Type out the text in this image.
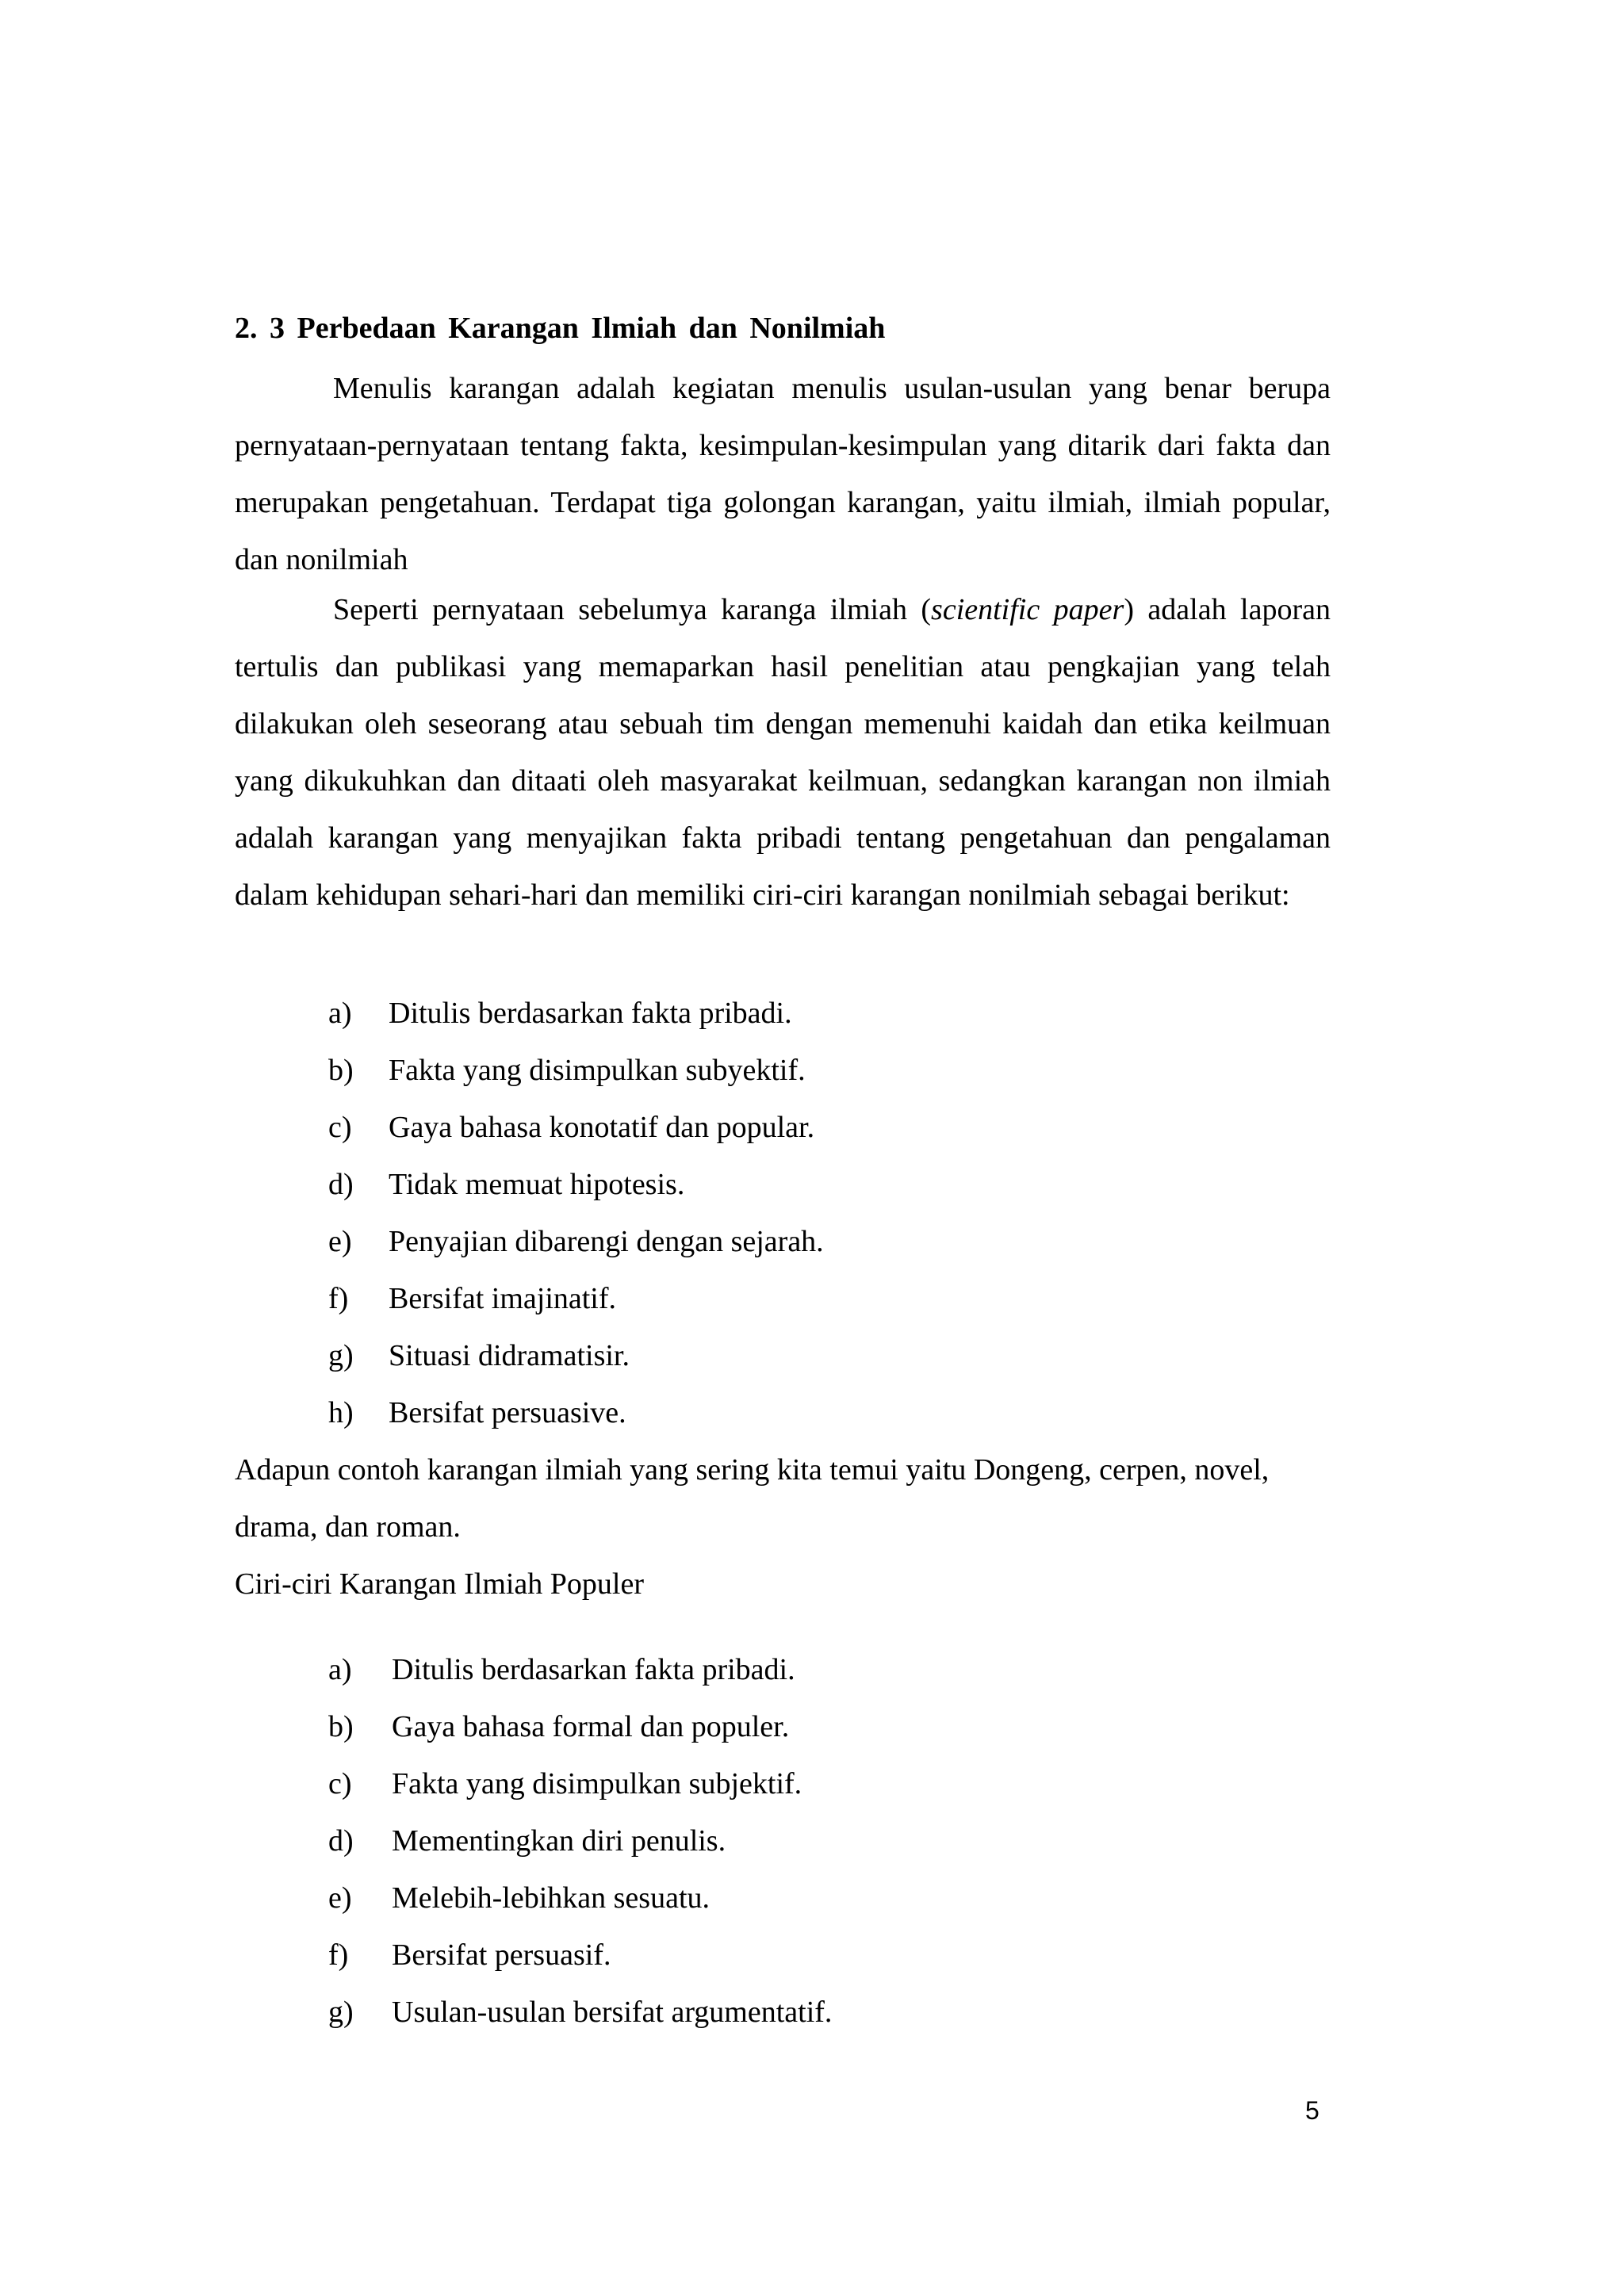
2. 3 Perbedaan Karangan Ilmiah dan Nonilmiah

Menulis karangan adalah kegiatan menulis usulan-usulan yang benar berupa pernyataan-pernyataan tentang fakta, kesimpulan-kesimpulan yang ditarik dari fakta dan merupakan pengetahuan. Terdapat tiga golongan karangan, yaitu ilmiah, ilmiah popular, dan nonilmiah

Seperti pernyataan sebelumya karanga ilmiah (scientific paper) adalah laporan tertulis dan publikasi yang memaparkan hasil penelitian atau pengkajian yang telah dilakukan oleh seseorang atau sebuah tim dengan memenuhi kaidah dan etika keilmuan yang dikukuhkan dan ditaati oleh masyarakat keilmuan, sedangkan karangan non ilmiah adalah karangan yang menyajikan fakta pribadi tentang pengetahuan dan pengalaman dalam kehidupan sehari-hari dan memiliki ciri-ciri karangan nonilmiah sebagai berikut:

a) Ditulis berdasarkan fakta pribadi.
b) Fakta yang disimpulkan subyektif.
c) Gaya bahasa konotatif dan popular.
d) Tidak memuat hipotesis.
e) Penyajian dibarengi dengan sejarah.
f) Bersifat imajinatif.
g) Situasi didramatisir.
h) Bersifat persuasive.

Adapun contoh karangan ilmiah yang sering kita temui yaitu Dongeng, cerpen, novel, drama, dan roman.

Ciri-ciri Karangan Ilmiah Populer
a) Ditulis berdasarkan fakta pribadi.
b) Gaya bahasa formal dan populer.
c) Fakta yang disimpulkan subjektif.
d) Mementingkan diri penulis.
e) Melebih-lebihkan sesuatu.
f) Bersifat persuasif.
g) Usulan-usulan bersifat argumentatif.
5
